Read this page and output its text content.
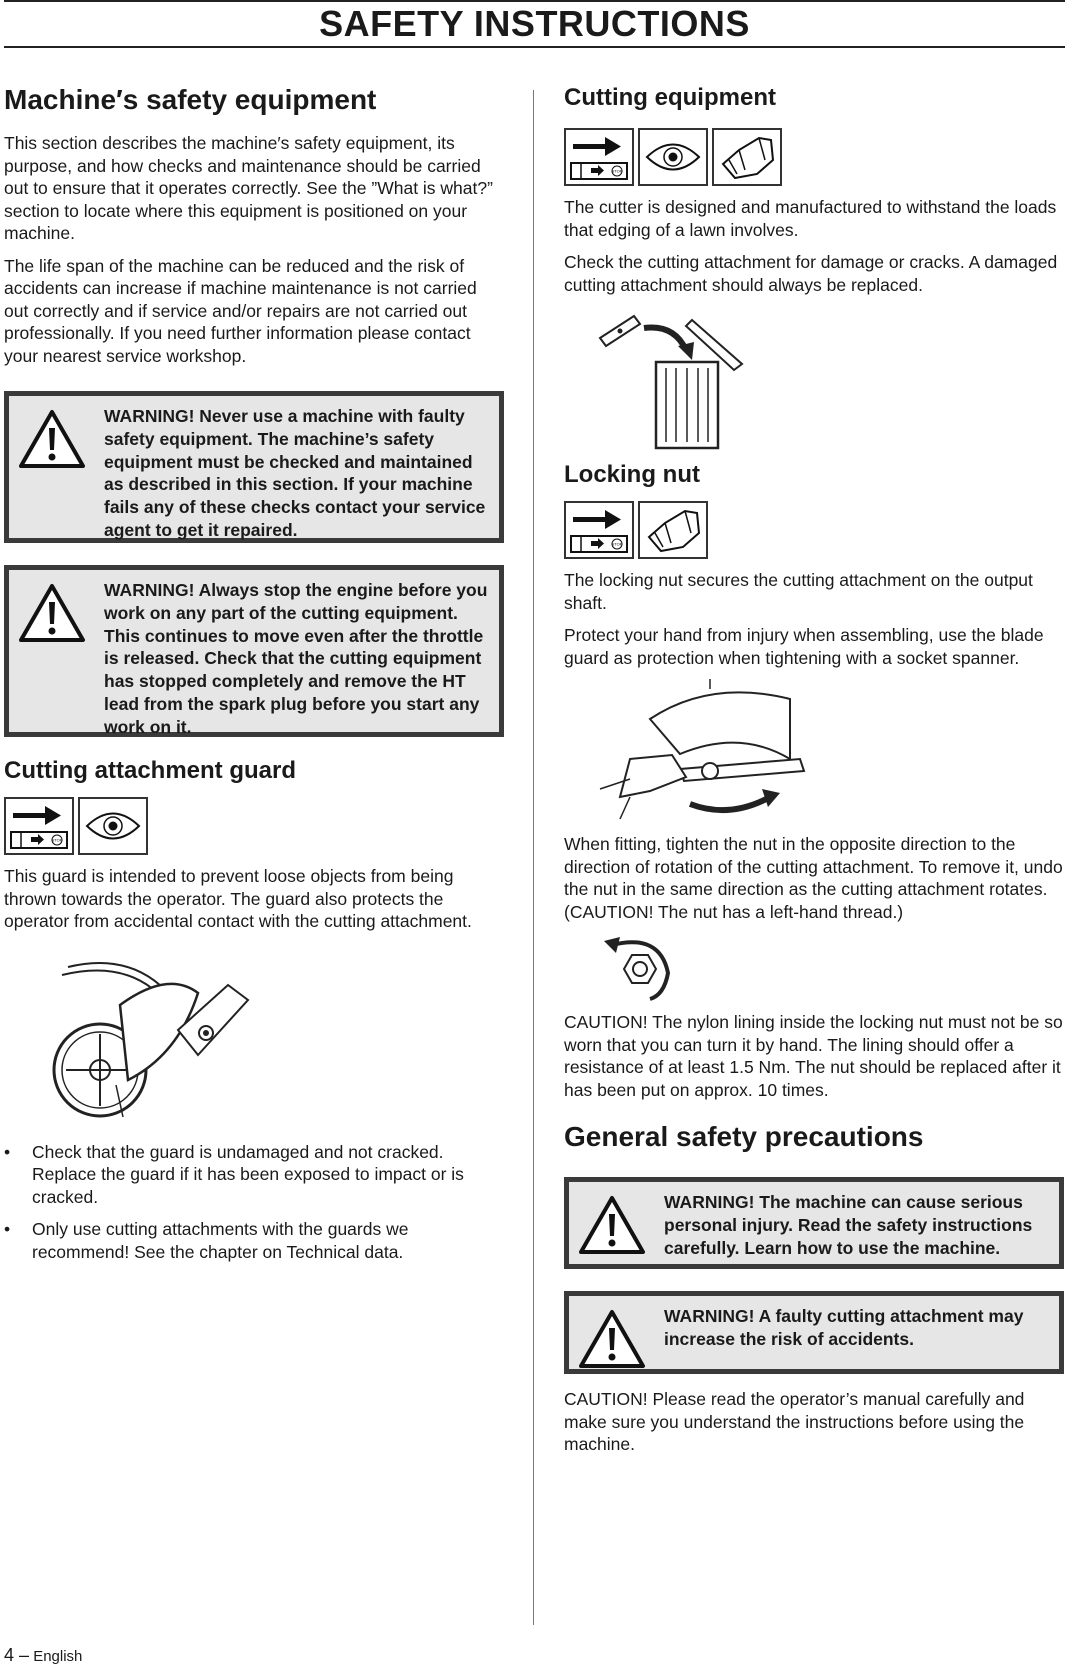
SAFETY INSTRUCTIONS
Machine′s safety equipment

This section describes the machine′s safety equipment, its purpose, and how checks and maintenance should be carried out to ensure that it operates correctly. See the ”What is what?” section to locate where this equipment is positioned on your machine.

The life span of the machine can be reduced and the risk of accidents can increase if machine maintenance is not carried out correctly and if service and/or repairs are not carried out professionally. If you need further information please contact your nearest service workshop.

WARNING! Never use a machine with faulty safety equipment. The machine’s safety equipment must be checked and maintained as described in this section. If your machine fails any of these checks contact your service agent to get it repaired.
WARNING! Always stop the engine before you work on any part of the cutting equipment. This continues to move even after the throttle is released. Check that the cutting equipment has stopped completely and remove the HT lead from the spark plug before you start any work on it.
Cutting attachment guard
STOP

This guard is intended to prevent loose objects from being thrown towards the operator. The guard also protects the operator from accidental contact with the cutting attachment.

• Check that the guard is undamaged and not cracked. Replace the guard if it has been exposed to impact or is cracked.
• Only use cutting attachments with the guards we recommend! See the chapter on Technical data.
Cutting equipment
STOP

The cutter is designed and manufactured to withstand the loads that edging of a lawn involves.

Check the cutting attachment for damage or cracks. A damaged cutting attachment should always be replaced.

Locking nut
STOP

The locking nut secures the cutting attachment on the output shaft.

Protect your hand from injury when assembling, use the blade guard as protection when tightening with a socket spanner.

When fitting, tighten the nut in the opposite direction to the direction of rotation of the cutting attachment. To remove it, undo the nut in the same direction as the cutting attachment rotates. (CAUTION! The nut has a left-hand thread.)

CAUTION! The nylon lining inside the locking nut must not be so worn that you can turn it by hand. The lining should offer a resistance of at least 1.5 Nm. The nut should be replaced after it has been put on approx. 10 times.

General safety precautions
WARNING! The machine can cause serious personal injury. Read the safety instructions carefully. Learn how to use the machine.
WARNING! A faulty cutting attachment may increase the risk of accidents.

CAUTION! Please read the operator’s manual carefully and make sure you understand the instructions before using the machine.

4 – English
